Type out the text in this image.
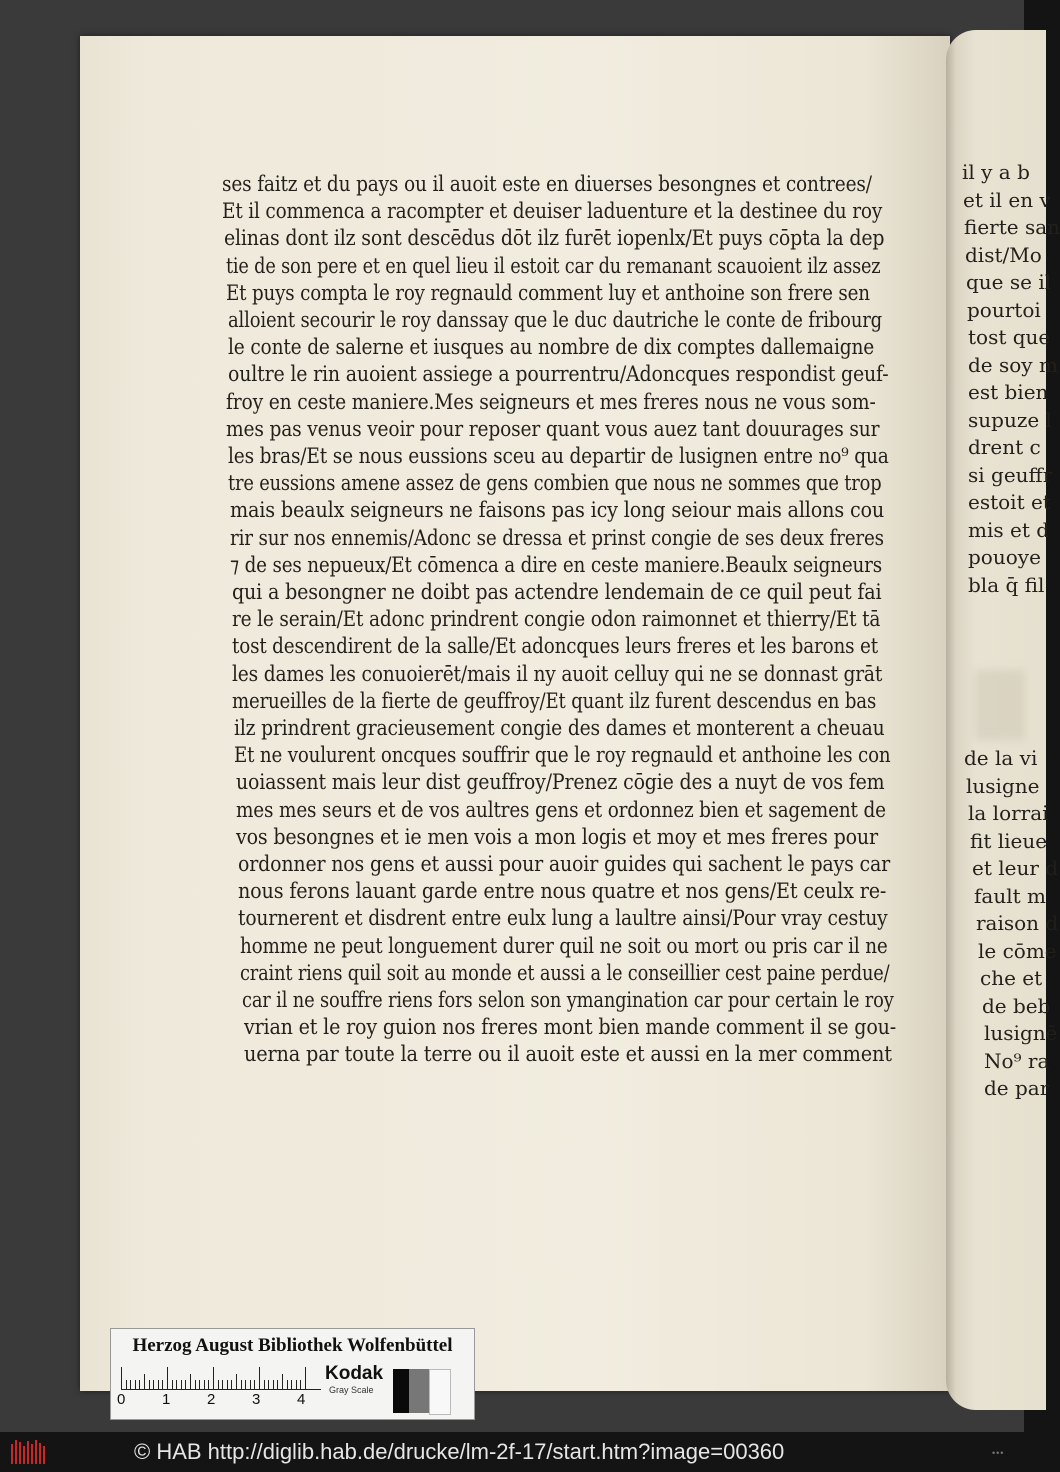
ses faitz et du pays ou il auoit este en diuerses besongnes et contrees/
Et il commenca a racompter et deuiser laduenture et la destinee du roy
elinas dont ilz sont descēdus dōt ilz furēt iopenlx/Et puys cōpta la dep
tie de son pere et en quel lieu il estoit car du remanant scauoient ilz assez
Et puys compta le roy regnauld comment luy et anthoine son frere sen
alloient secourir le roy danssay que le duc dautriche le conte de fribourg
le conte de salerne et iusques au nombre de dix comptes dallemaigne
oultre le rin auoient assiege a pourrentru/Adoncques respondist geuf-
froy en ceste maniere.Mes seigneurs et mes freres nous ne vous som-
mes pas venus veoir pour reposer quant vous auez tant douurages sur
les bras/Et se nous eussions sceu au departir de lusignen entre no⁹ qua
tre eussions amene assez de gens combien que nous ne sommes que trop
mais beaulx seigneurs ne faisons pas icy long seiour mais allons cou
rir sur nos ennemis/Adonc se dressa et prinst congie de ses deux freres
⁊ de ses nepueux/Et cōmenca a dire en ceste maniere.Beaulx seigneurs
qui a besongner ne doibt pas actendre lendemain de ce quil peut fai
re le serain/Et adonc prindrent congie odon raimonnet et thierry/Et tā
tost descendirent de la salle/Et adoncques leurs freres et les barons et
les dames les conuoierēt/mais il ny auoit celluy qui ne se donnast grāt
merueilles de la fierte de geuffroy/Et quant ilz furent descendus en bas
ilz prindrent gracieusement congie des dames et monterent a cheuau
Et ne voulurent oncques souffrir que le roy regnauld et anthoine les con
uoiassent mais leur dist geuffroy/Prenez cōgie des a nuyt de vos fem
mes mes seurs et de vos aultres gens et ordonnez bien et sagement de
vos besongnes et ie men vois a mon logis et moy et mes freres pour
ordonner nos gens et aussi pour auoir guides qui sachent le pays car
nous ferons lauant garde entre nous quatre et nos gens/Et ceulx re-
tournerent et disdrent entre eulx lung a laultre ainsi/Pour vray cestuy
homme ne peut longuement durer quil ne soit ou mort ou pris car il ne
craint riens quil soit au monde et aussi a le conseillier cest paine perdue/
car il ne souffre riens fors selon son ymangination car pour certain le roy
vrian et le roy guion nos freres mont bien mande comment il se gou-
uerna par toute la terre ou il auoit este et aussi en la mer comment
il y a b
et il en v
fierte san
dist/Mo
que se il
pourtoi
tost que
de soy m
est bien
supuze l
drent c
si geuffr
estoit et
mis et d
pouoye
bla q̄ fil
de la vi
lusigne
la lorrai
fit lieue
et leur d
fault m
raison d
le cōme
che et
de beb
lusignē
No⁹ ra
de par
Herzog August Bibliothek Wolfenbüttel
0 1 2 3 4
Kodak
Gray Scale
© HAB http://diglib.hab.de/drucke/lm-2f-17/start.htm?image=00360	•••
